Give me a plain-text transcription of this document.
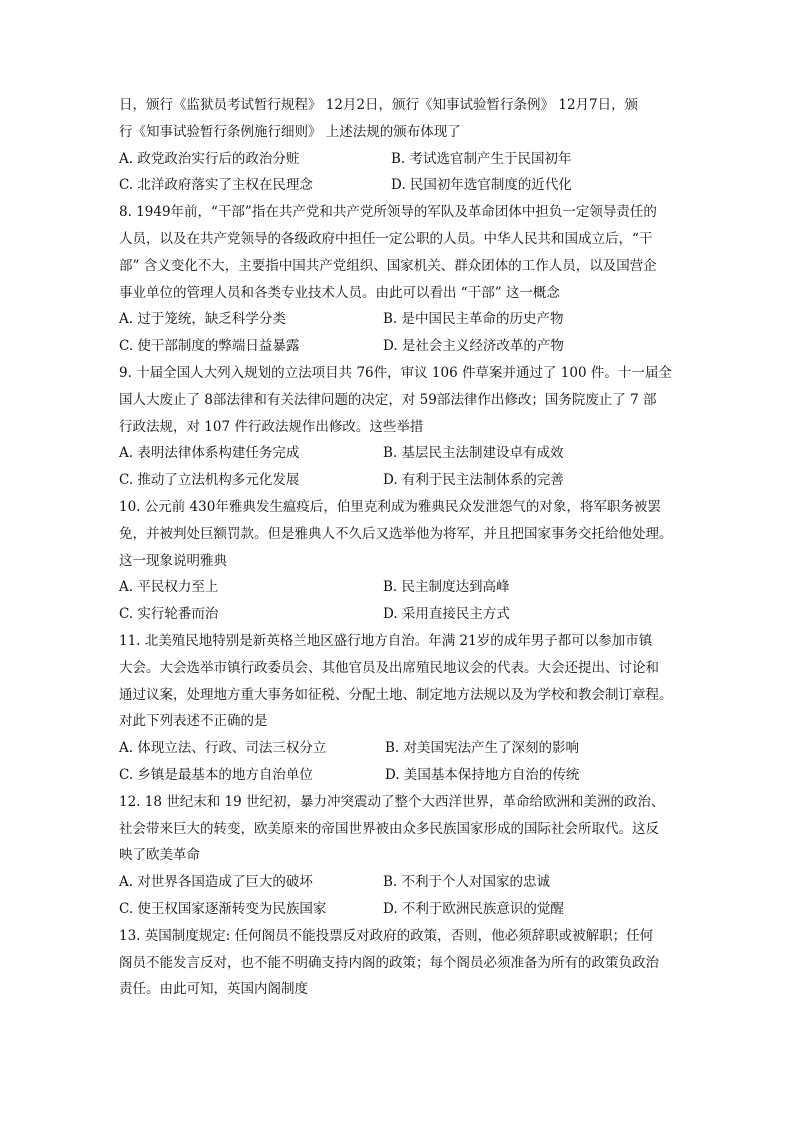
日，颁行《监狱员考试暂行规程》 12月2日，颁行《知事试验暂行条例》 12月7日，颁

行《知事试验暂行条例施行细则》 上述法规的颁布体现了

A. 政党政治实行后的政治分赃	B. 考试选官制产生于民国初年
C. 北洋政府落实了主权在民理念	D. 民国初年选官制度的近代化

8. 1949年前，“干部”指在共产党和共产党所领导的军队及革命团体中担负一定领导责任的

人员，以及在共产党领导的各级政府中担任一定公职的人员。中华人民共和国成立后，“干

部” 含义变化不大，主要指中国共产党组织、国家机关、群众团体的工作人员，以及国营企

事业单位的管理人员和各类专业技术人员。由此可以看出 “干部” 这一概念

A. 过于笼统，缺乏科学分类	B. 是中国民主革命的历史产物
C. 使干部制度的弊端日益暴露	D. 是社会主义经济改革的产物

9. 十届全国人大列入规划的立法项目共 76件，审议 106 件草案并通过了 100 件。十一届全

国人大废止了 8部法律和有关法律问题的决定，对 59部法律作出修改；国务院废止了 7 部

行政法规，对 107 件行政法规作出修改。这些举措

A. 表明法律体系构建任务完成	B. 基层民主法制建设卓有成效
C. 推动了立法机构多元化发展	D. 有利于民主法制体系的完善

10. 公元前 430年雅典发生瘟疫后，伯里克利成为雅典民众发泄怨气的对象，将军职务被罢

免，并被判处巨额罚款。但是雅典人不久后又选举他为将军，并且把国家事务交托给他处理。

这一现象说明雅典

A. 平民权力至上	B. 民主制度达到高峰
C. 实行轮番而治	D. 采用直接民主方式

11. 北美殖民地特别是新英格兰地区盛行地方自治。年满 21岁的成年男子都可以参加市镇

大会。大会选举市镇行政委员会、其他官员及出席殖民地议会的代表。大会还提出、讨论和

通过议案，处理地方重大事务如征税、分配土地、制定地方法规以及为学校和教会制订章程。

对此下列表述不正确的是

A. 体现立法、行政、司法三权分立	B. 对美国宪法产生了深刻的影响
C. 乡镇是最基本的地方自治单位	D. 美国基本保持地方自治的传统

12. 18 世纪末和 19 世纪初，暴力冲突震动了整个大西洋世界，革命给欧洲和美洲的政治、

社会带来巨大的转变，欧美原来的帝国世界被由众多民族国家形成的国际社会所取代。这反

映了欧美革命

A. 对世界各国造成了巨大的破坏	B. 不利于个人对国家的忠诚
C. 使王权国家逐渐转变为民族国家	D. 不利于欧洲民族意识的觉醒

13. 英国制度规定: 任何阁员不能投票反对政府的政策，否则，他必须辞职或被解职；任何

阁员不能发言反对，也不能不明确支持内阁的政策；每个阁员必须准备为所有的政策负政治

责任。由此可知，英国内阁制度
